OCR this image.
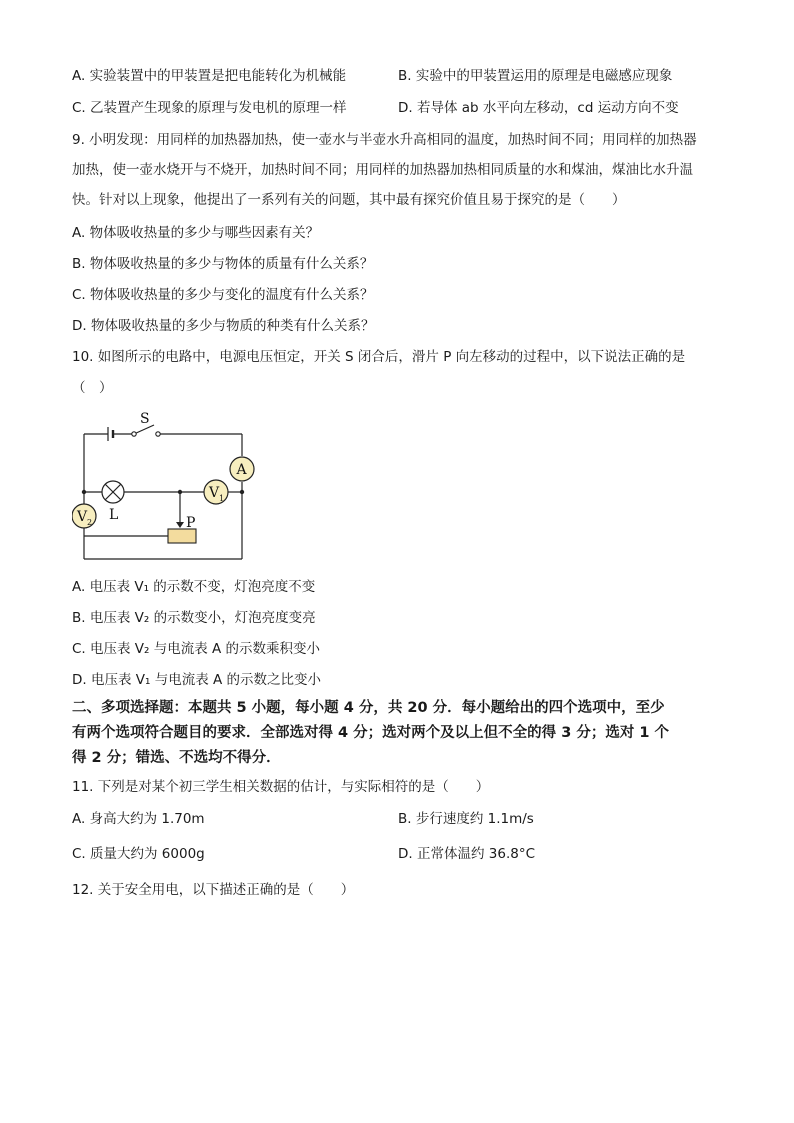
A. 实验装置中的甲装置是把电能转化为机械能	B. 实验中的甲装置运用的原理是电磁感应现象
C. 乙装置产生现象的原理与发电机的原理一样	D. 若导体 ab 水平向左移动，cd 运动方向不变
9. 小明发现：用同样的加热器加热，使一壶水与半壶水升高相同的温度，加热时间不同；用同样的加热器
加热，使一壶水烧开与不烧开，加热时间不同；用同样的加热器加热相同质量的水和煤油，煤油比水升温
快。针对以上现象，他提出了一系列有关的问题，其中最有探究价值且易于探究的是（　　）
A. 物体吸收热量的多少与哪些因素有关？
B. 物体吸收热量的多少与物体的质量有什么关系？
C. 物体吸收热量的多少与变化的温度有什么关系？
D. 物体吸收热量的多少与物质的种类有什么关系？
10. 如图所示的电路中，电源电压恒定，开关 S 闭合后，滑片 P 向左移动的过程中，以下说法正确的是
（　）
S
A
V 1
V 2 L	P
A. 电压表 V₁ 的示数不变，灯泡亮度不变
B. 电压表 V₂ 的示数变小，灯泡亮度变亮
C. 电压表 V₂ 与电流表 A 的示数乘积变小
D. 电压表 V₁ 与电流表 A 的示数之比变小
二、多项选择题：本题共 5 小题，每小题 4 分，共 20 分．每小题给出的四个选项中，至少
有两个选项符合题目的要求．全部选对得 4 分；选对两个及以上但不全的得 3 分；选对 1 个
得 2 分；错选、不选均不得分．
11. 下列是对某个初三学生相关数据的估计，与实际相符的是（　　）
A. 身高大约为 1.70m	B. 步行速度约 1.1m/s
C. 质量大约为 6000g	D. 正常体温约 36.8°C
12. 关于安全用电，以下描述正确的是（　　）
